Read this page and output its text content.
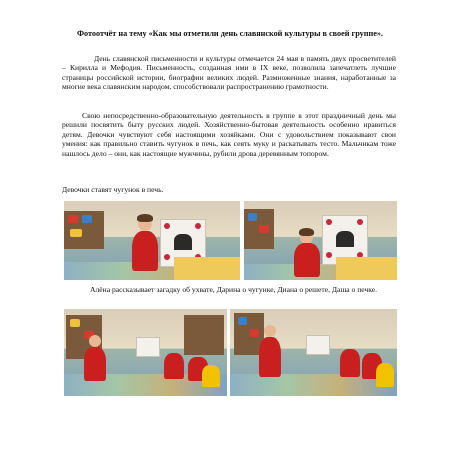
Фотоотчёт на тему «Как мы отметили день славянской культуры в своей группе».
День славянской письменности и культуры отмечается 24 мая в память двух просветителей – Кирилла и Мефодия. Письменность, созданная ими в IX веке, позволила запечатлеть лучшие страницы российской истории, биографии великих людей. Размноженные знания, наработанные за многие века славянским народом, способствовали распространению грамотности.
Свою непосредственно-образовательную деятельность в группе в этот праздничный день мы решили посвятить быту русских людей. Хозяйственно-бытовая деятельность особенно нравиться детям. Девочки чувствуют себя настоящими хозяйками. Они с удовольствием показывают свои умения: как правильно ставить чугунок в печь, как сеять муку и раскатывать тесто. Мальчикам тоже нашлось дело – они, как настоящие мужчины, рубили дрова деревянным топором.
Девочки ставят чугунок в печь.
Алёна рассказывает загадку об ухвате, Дарина о чугунке, Диана о решете, Даша о печке.
